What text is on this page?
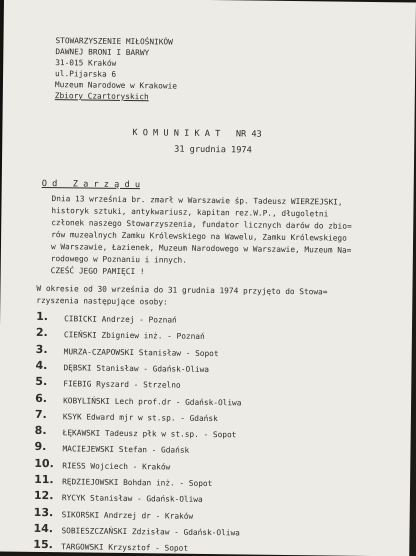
STOWARZYSZENIE MIŁOŚNIKÓW
DAWNEJ BRONI I BARWY
31-015 Kraków
ul.Pijarska 6
Muzeum Narodowe w Krakowie
Zbiory Czartoryskich
K O M U N I K A T   NR 43
31 grudnia 1974
O d   Z a r z ą d u
Dnia 13 września br. zmarł w Warszawie śp. Tadeusz WIERZEJSKI,
historyk sztuki, antykwariusz, kapitan rez.W.P., długoletni
członek naszego Stowarzyszenia, fundator licznych darów do zbio=
rów muzealnych Zamku Królewskiego na Wawelu, Zamku Królewskiego
w Warszawie, Łazienek, Muzeum Narodowego w Warszawie, Muzeum Na=
rodowego w Poznaniu i innych.
CZEŚĆ JEGO PAMIĘCI !
W okresie od 30 września do 31 grudnia 1974 przyjęto do Stowa=
rzyszenia następujące osoby:
1. CIBICKI Andrzej - Poznań
2. CIEŃSKI Zbigniew inż. - Poznań
3. MURZA-CZAPOWSKI Stanisław - Sopot
4. DĘBSKI Stanisław - Gdańsk-Oliwa
5. FIEBIG Ryszard - Strzelno
6. KOBYLIŃSKI Lech prof.dr - Gdańsk-Oliwa
7. KSYK Edward mjr w st.sp. - Gdańsk
8. ŁĘKAWSKI Tadeusz płk w st.sp. - Sopot
9. MACIEJEWSKI Stefan - Gdańsk
10. RIESS Wojciech - Kraków
11. RĘDZIEJOWSKI Bohdan inż. - Sopot
12. RYCYK Stanisław - Gdańsk-Oliwa
13. SIKORSKI Andrzej dr - Kraków
14. SOBIESZCZAŃSKI Zdzisław - Gdańsk-Oliwa
15. TARGOWSKI Krzysztof - Sopot
